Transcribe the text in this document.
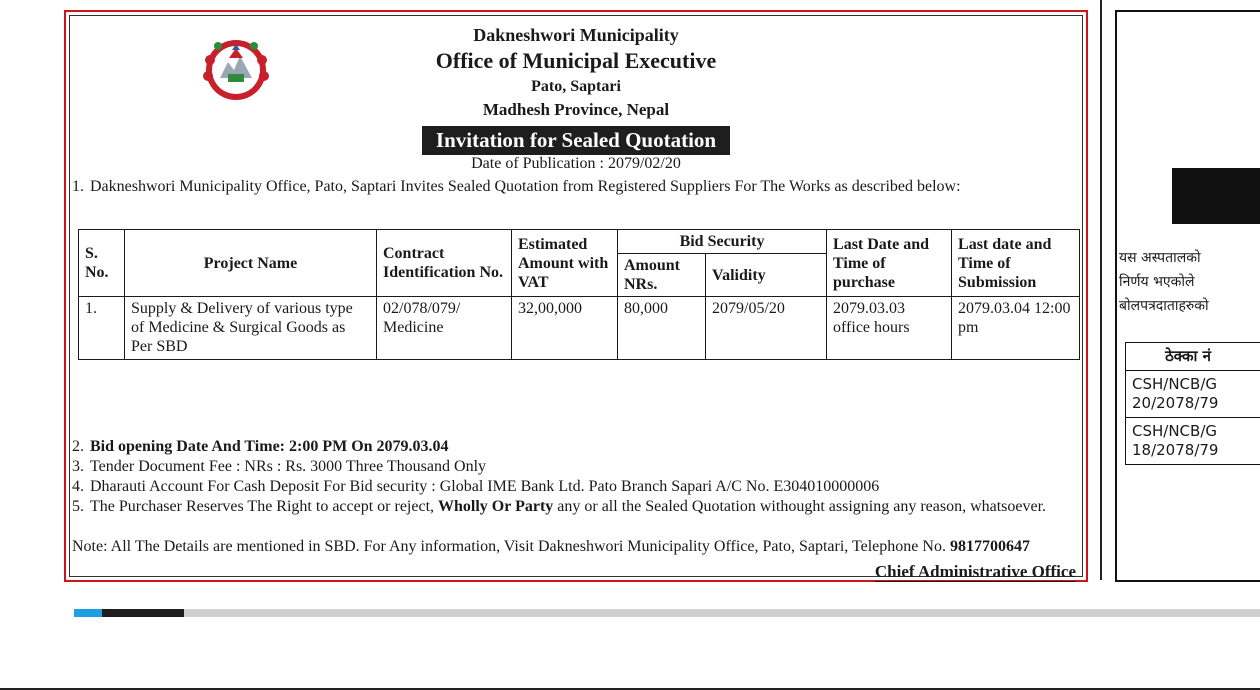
Dakneshwori Municipality
Office of Municipal Executive
Pato, Saptari
Madhesh Province, Nepal
Invitation for Sealed Quotation
Date of Publication : 2079/02/20
1. Dakneshwori Municipality Office, Pato, Saptari Invites Sealed Quotation from Registered Suppliers For The Works as described below:
S. No.	Project Name	Contract Identification No.	Estimated Amount with VAT	Bid Security		Last Date and Time of purchase	Last date and Time of Submission
				Amount NRs.	Validity		
1.	Supply & Delivery of various type of Medicine & Surgical Goods as Per SBD	02/078/079/ Medicine	32,00,000	80,000	2079/05/20	2079.03.03 office hours	2079.03.04 12:00 pm
2. Bid opening Date And Time: 2:00 PM On 2079.03.04
3. Tender Document Fee : NRs : Rs. 3000 Three Thousand Only
4. Dharauti Account For Cash Deposit For Bid security : Global IME Bank Ltd. Pato Branch Sapari A/C No. E304010000006
5. The Purchaser Reserves The Right to accept or reject, Wholly Or Party any or all the Sealed Quotation withought assigning any reason, whatsoever.
Note: All The Details are mentioned in SBD. For Any information, Visit Dakneshwori Municipality Office, Pato, Saptari, Telephone No. 9817700647
Chief Administrative Office
यस अस्पतालको
निर्णय भएकोले
बोलपत्रदाताहरुको
ठेक्का नं
CSH/NCB/G 20/2078/79
CSH/NCB/G 18/2078/79
